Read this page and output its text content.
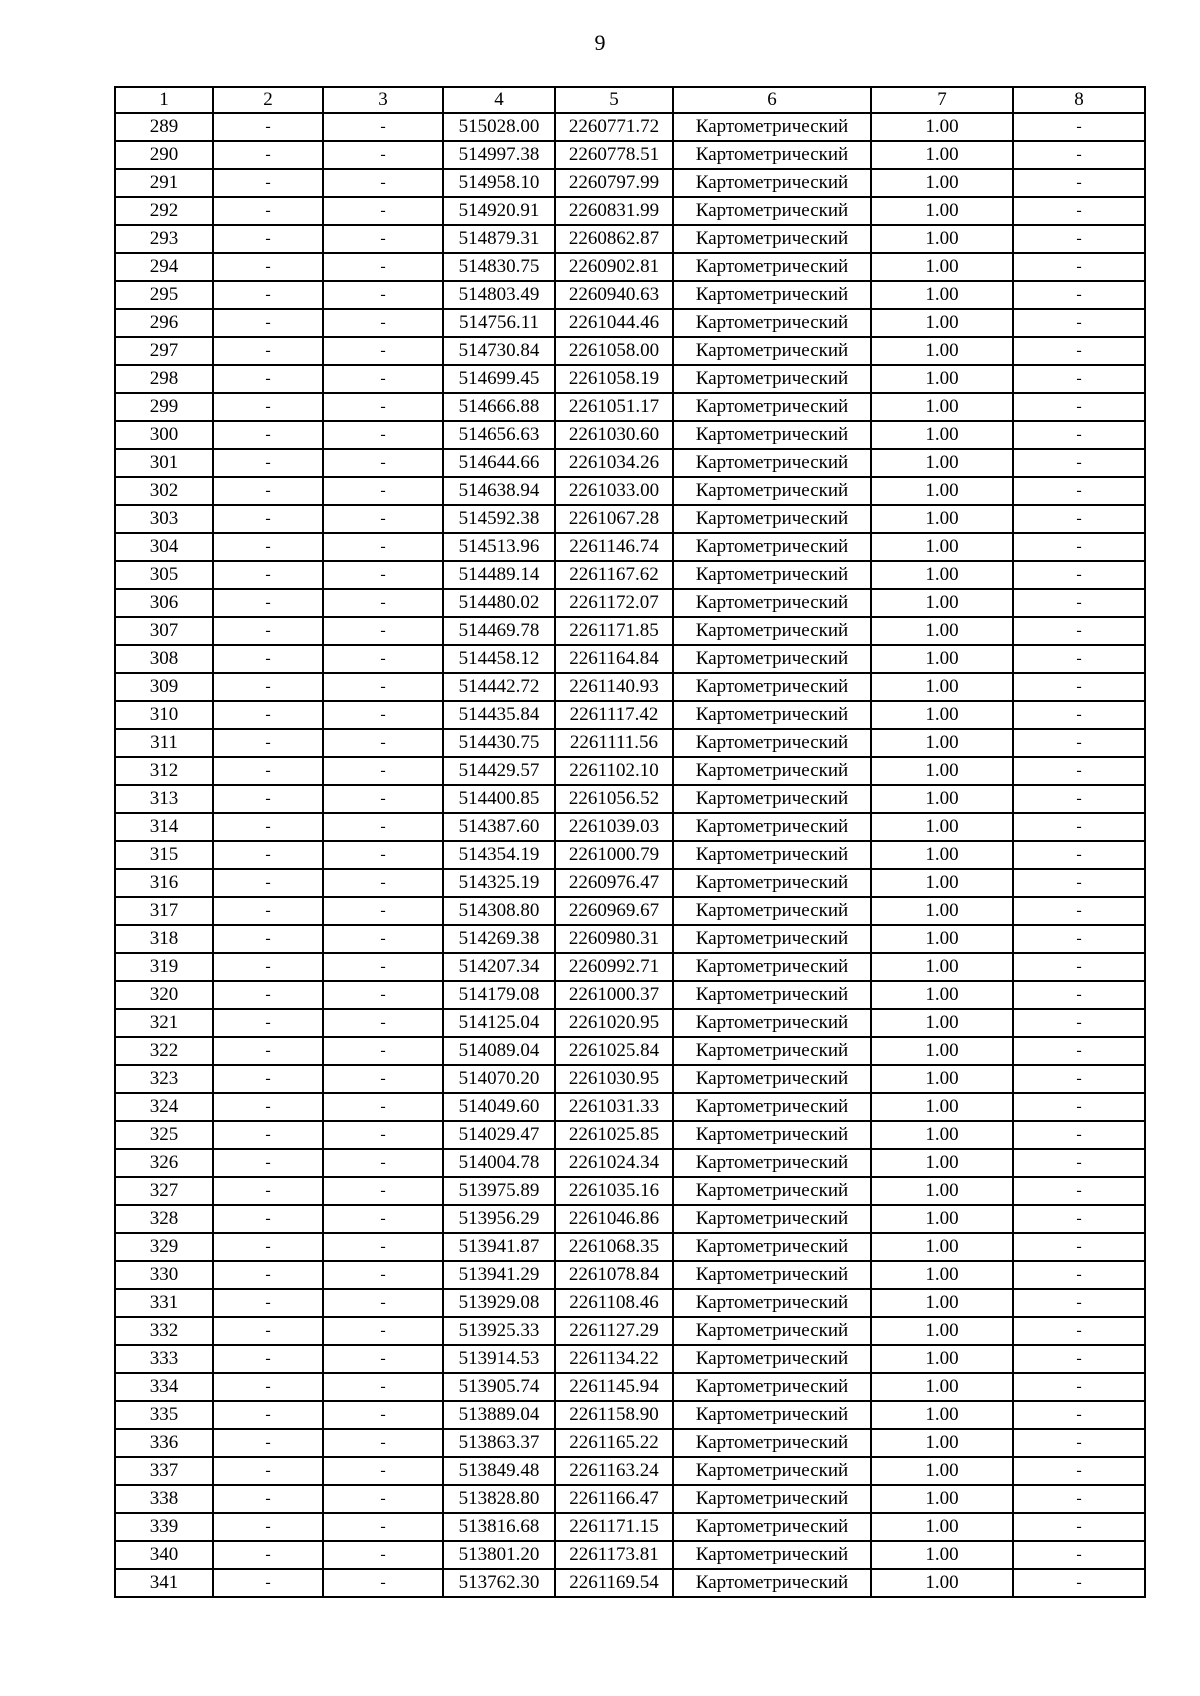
9
1	2	3	4	5	6	7	8
289	-	-	515028.00	2260771.72	Картометрический	1.00	-
290	-	-	514997.38	2260778.51	Картометрический	1.00	-
291	-	-	514958.10	2260797.99	Картометрический	1.00	-
292	-	-	514920.91	2260831.99	Картометрический	1.00	-
293	-	-	514879.31	2260862.87	Картометрический	1.00	-
294	-	-	514830.75	2260902.81	Картометрический	1.00	-
295	-	-	514803.49	2260940.63	Картометрический	1.00	-
296	-	-	514756.11	2261044.46	Картометрический	1.00	-
297	-	-	514730.84	2261058.00	Картометрический	1.00	-
298	-	-	514699.45	2261058.19	Картометрический	1.00	-
299	-	-	514666.88	2261051.17	Картометрический	1.00	-
300	-	-	514656.63	2261030.60	Картометрический	1.00	-
301	-	-	514644.66	2261034.26	Картометрический	1.00	-
302	-	-	514638.94	2261033.00	Картометрический	1.00	-
303	-	-	514592.38	2261067.28	Картометрический	1.00	-
304	-	-	514513.96	2261146.74	Картометрический	1.00	-
305	-	-	514489.14	2261167.62	Картометрический	1.00	-
306	-	-	514480.02	2261172.07	Картометрический	1.00	-
307	-	-	514469.78	2261171.85	Картометрический	1.00	-
308	-	-	514458.12	2261164.84	Картометрический	1.00	-
309	-	-	514442.72	2261140.93	Картометрический	1.00	-
310	-	-	514435.84	2261117.42	Картометрический	1.00	-
311	-	-	514430.75	2261111.56	Картометрический	1.00	-
312	-	-	514429.57	2261102.10	Картометрический	1.00	-
313	-	-	514400.85	2261056.52	Картометрический	1.00	-
314	-	-	514387.60	2261039.03	Картометрический	1.00	-
315	-	-	514354.19	2261000.79	Картометрический	1.00	-
316	-	-	514325.19	2260976.47	Картометрический	1.00	-
317	-	-	514308.80	2260969.67	Картометрический	1.00	-
318	-	-	514269.38	2260980.31	Картометрический	1.00	-
319	-	-	514207.34	2260992.71	Картометрический	1.00	-
320	-	-	514179.08	2261000.37	Картометрический	1.00	-
321	-	-	514125.04	2261020.95	Картометрический	1.00	-
322	-	-	514089.04	2261025.84	Картометрический	1.00	-
323	-	-	514070.20	2261030.95	Картометрический	1.00	-
324	-	-	514049.60	2261031.33	Картометрический	1.00	-
325	-	-	514029.47	2261025.85	Картометрический	1.00	-
326	-	-	514004.78	2261024.34	Картометрический	1.00	-
327	-	-	513975.89	2261035.16	Картометрический	1.00	-
328	-	-	513956.29	2261046.86	Картометрический	1.00	-
329	-	-	513941.87	2261068.35	Картометрический	1.00	-
330	-	-	513941.29	2261078.84	Картометрический	1.00	-
331	-	-	513929.08	2261108.46	Картометрический	1.00	-
332	-	-	513925.33	2261127.29	Картометрический	1.00	-
333	-	-	513914.53	2261134.22	Картометрический	1.00	-
334	-	-	513905.74	2261145.94	Картометрический	1.00	-
335	-	-	513889.04	2261158.90	Картометрический	1.00	-
336	-	-	513863.37	2261165.22	Картометрический	1.00	-
337	-	-	513849.48	2261163.24	Картометрический	1.00	-
338	-	-	513828.80	2261166.47	Картометрический	1.00	-
339	-	-	513816.68	2261171.15	Картометрический	1.00	-
340	-	-	513801.20	2261173.81	Картометрический	1.00	-
341	-	-	513762.30	2261169.54	Картометрический	1.00	-
